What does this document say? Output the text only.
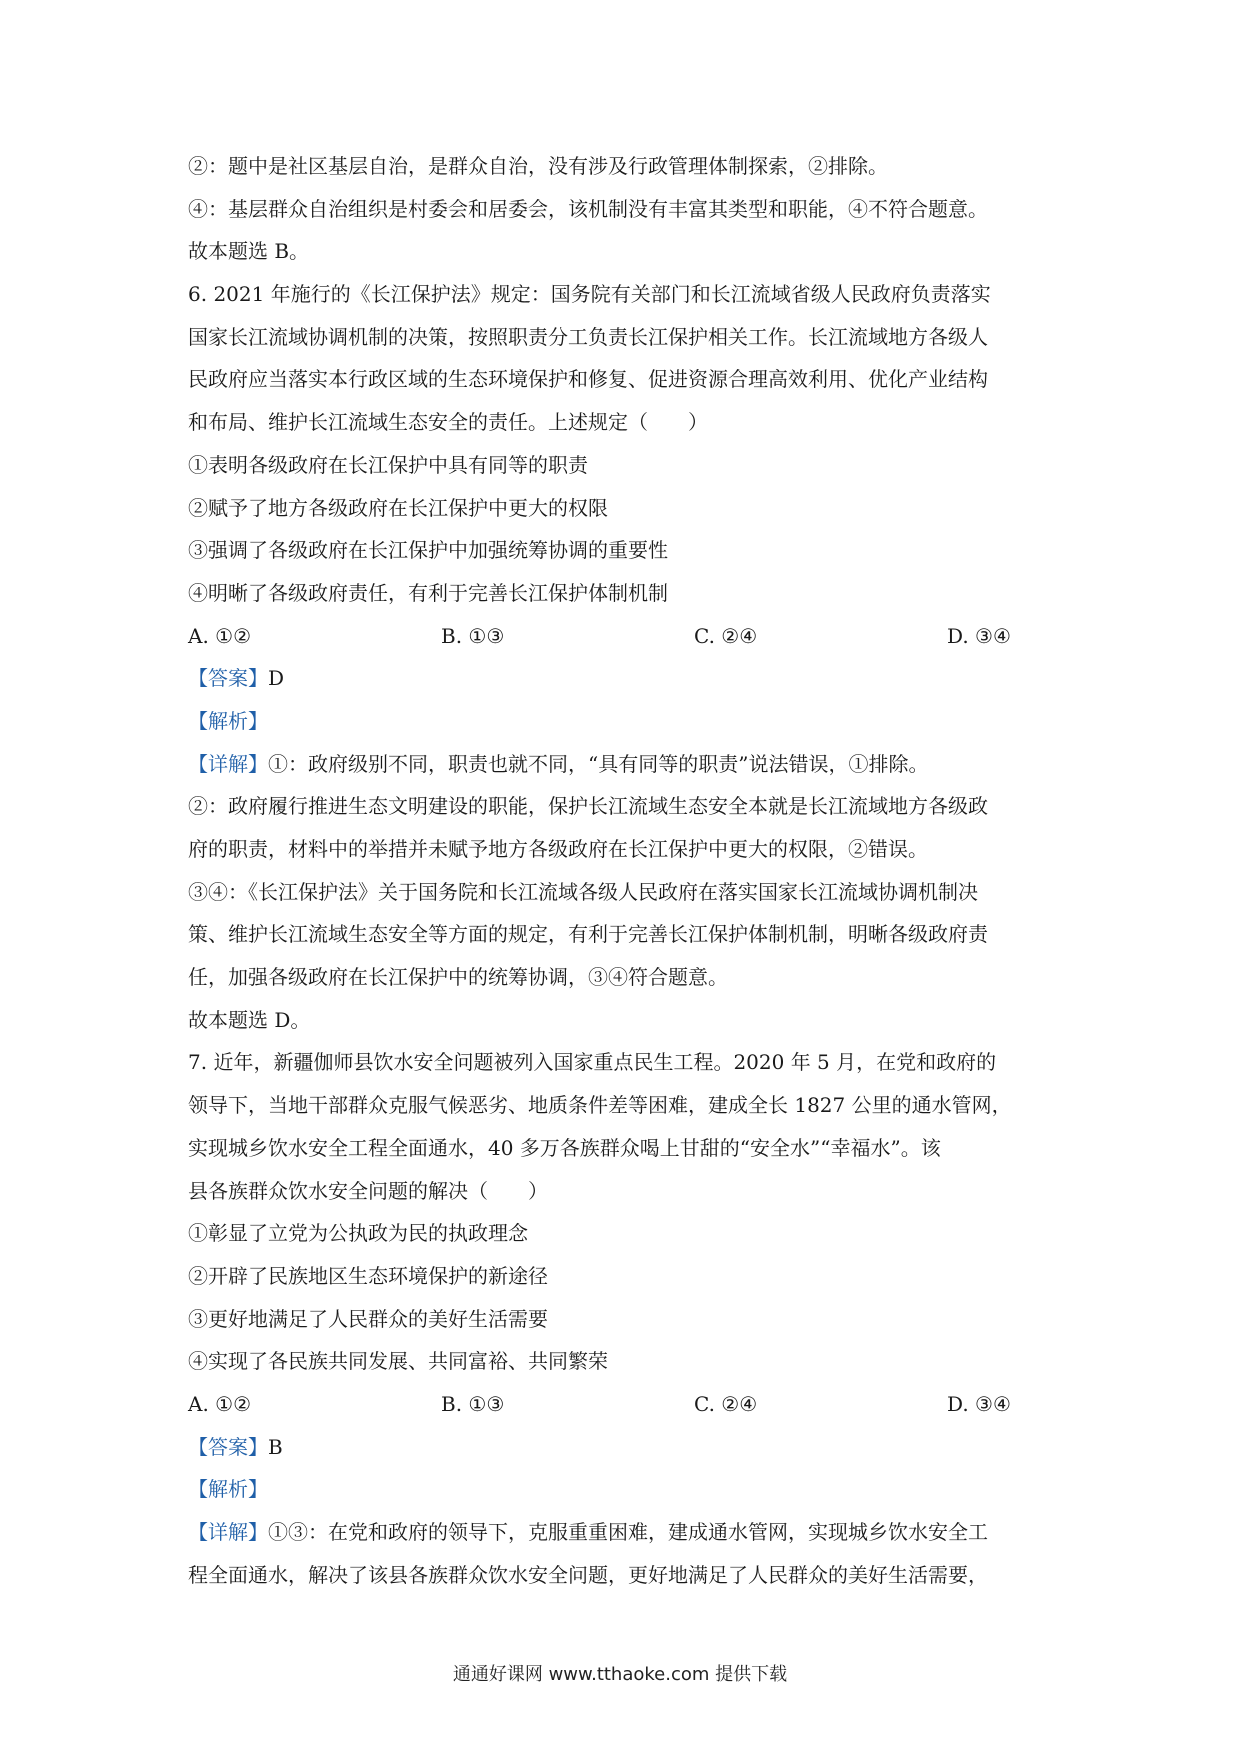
②：题中是社区基层自治，是群众自治，没有涉及行政管理体制探索，②排除。
④：基层群众自治组织是村委会和居委会，该机制没有丰富其类型和职能，④不符合题意。
故本题选 B。
6. 2021 年施行的《长江保护法》规定：国务院有关部门和长江流域省级人民政府负责落实
国家长江流域协调机制的决策，按照职责分工负责长江保护相关工作。长江流域地方各级人
民政府应当落实本行政区域的生态环境保护和修复、促进资源合理高效利用、优化产业结构
和布局、维护长江流域生态安全的责任。上述规定（　　）
①表明各级政府在长江保护中具有同等的职责
②赋予了地方各级政府在长江保护中更大的权限
③强调了各级政府在长江保护中加强统筹协调的重要性
④明晰了各级政府责任，有利于完善长江保护体制机制
A. ①②	B. ①③	C. ②④	D. ③④
【答案】D
【解析】
【详解】①：政府级别不同，职责也就不同，“具有同等的职责”说法错误，①排除。
②：政府履行推进生态文明建设的职能，保护长江流域生态安全本就是长江流域地方各级政
府的职责，材料中的举措并未赋予地方各级政府在长江保护中更大的权限，②错误。
③④：《长江保护法》关于国务院和长江流域各级人民政府在落实国家长江流域协调机制决
策、维护长江流域生态安全等方面的规定，有利于完善长江保护体制机制，明晰各级政府责
任，加强各级政府在长江保护中的统筹协调，③④符合题意。
故本题选 D。
7. 近年，新疆伽师县饮水安全问题被列入国家重点民生工程。2020 年 5 月，在党和政府的
领导下，当地干部群众克服气候恶劣、地质条件差等困难，建成全长 1827 公里的通水管网，
实现城乡饮水安全工程全面通水，40 多万各族群众喝上甘甜的“安全水”“幸福水”。该
县各族群众饮水安全问题的解决（　　）
①彰显了立党为公执政为民的执政理念
②开辟了民族地区生态环境保护的新途径
③更好地满足了人民群众的美好生活需要
④实现了各民族共同发展、共同富裕、共同繁荣
A. ①②	B. ①③	C. ②④	D. ③④
【答案】B
【解析】
【详解】①③：在党和政府的领导下，克服重重困难，建成通水管网，实现城乡饮水安全工
程全面通水，解决了该县各族群众饮水安全问题，更好地满足了人民群众的美好生活需要，
通通好课网 www.tthaoke.com 提供下载
